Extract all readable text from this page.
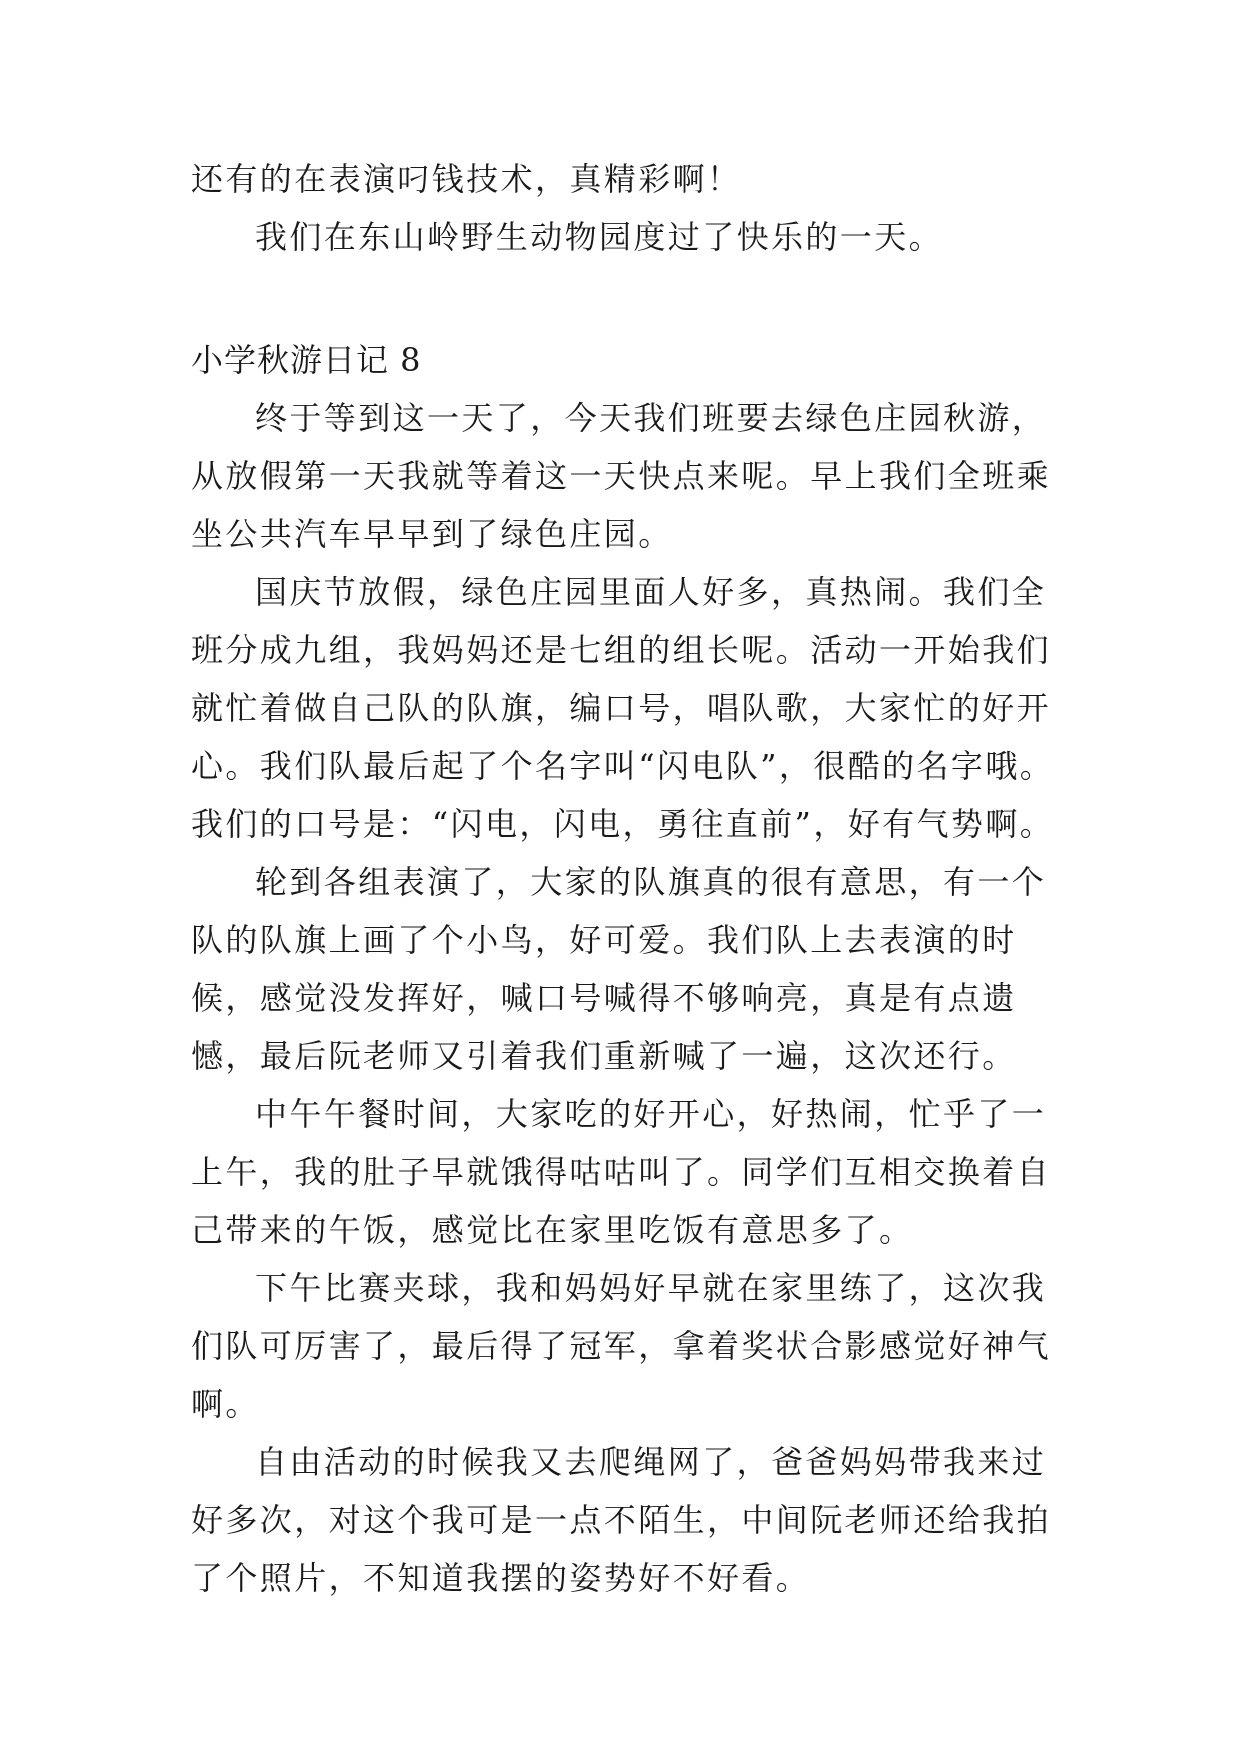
还有的在表演叼钱技术，真精彩啊！

我们在东山岭野生动物园度过了快乐的一天。

小学秋游日记 8

终于等到这一天了，今天我们班要去绿色庄园秋游，从放假第一天我就等着这一天快点来呢。早上我们全班乘坐公共汽车早早到了绿色庄园。

国庆节放假，绿色庄园里面人好多，真热闹。我们全班分成九组，我妈妈还是七组的组长呢。活动一开始我们就忙着做自己队的队旗，编口号，唱队歌，大家忙的好开心。我们队最后起了个名字叫“闪电队”，很酷的名字哦。我们的口号是：“闪电，闪电，勇往直前”，好有气势啊。

轮到各组表演了，大家的队旗真的很有意思，有一个队的队旗上画了个小鸟，好可爱。我们队上去表演的时候，感觉没发挥好，喊口号喊得不够响亮，真是有点遗憾，最后阮老师又引着我们重新喊了一遍，这次还行。

中午午餐时间，大家吃的好开心，好热闹，忙乎了一上午，我的肚子早就饿得咕咕叫了。同学们互相交换着自己带来的午饭，感觉比在家里吃饭有意思多了。

下午比赛夹球，我和妈妈好早就在家里练了，这次我们队可厉害了，最后得了冠军，拿着奖状合影感觉好神气啊。

自由活动的时候我又去爬绳网了，爸爸妈妈带我来过好多次，对这个我可是一点不陌生，中间阮老师还给我拍了个照片，不知道我摆的姿势好不好看。
